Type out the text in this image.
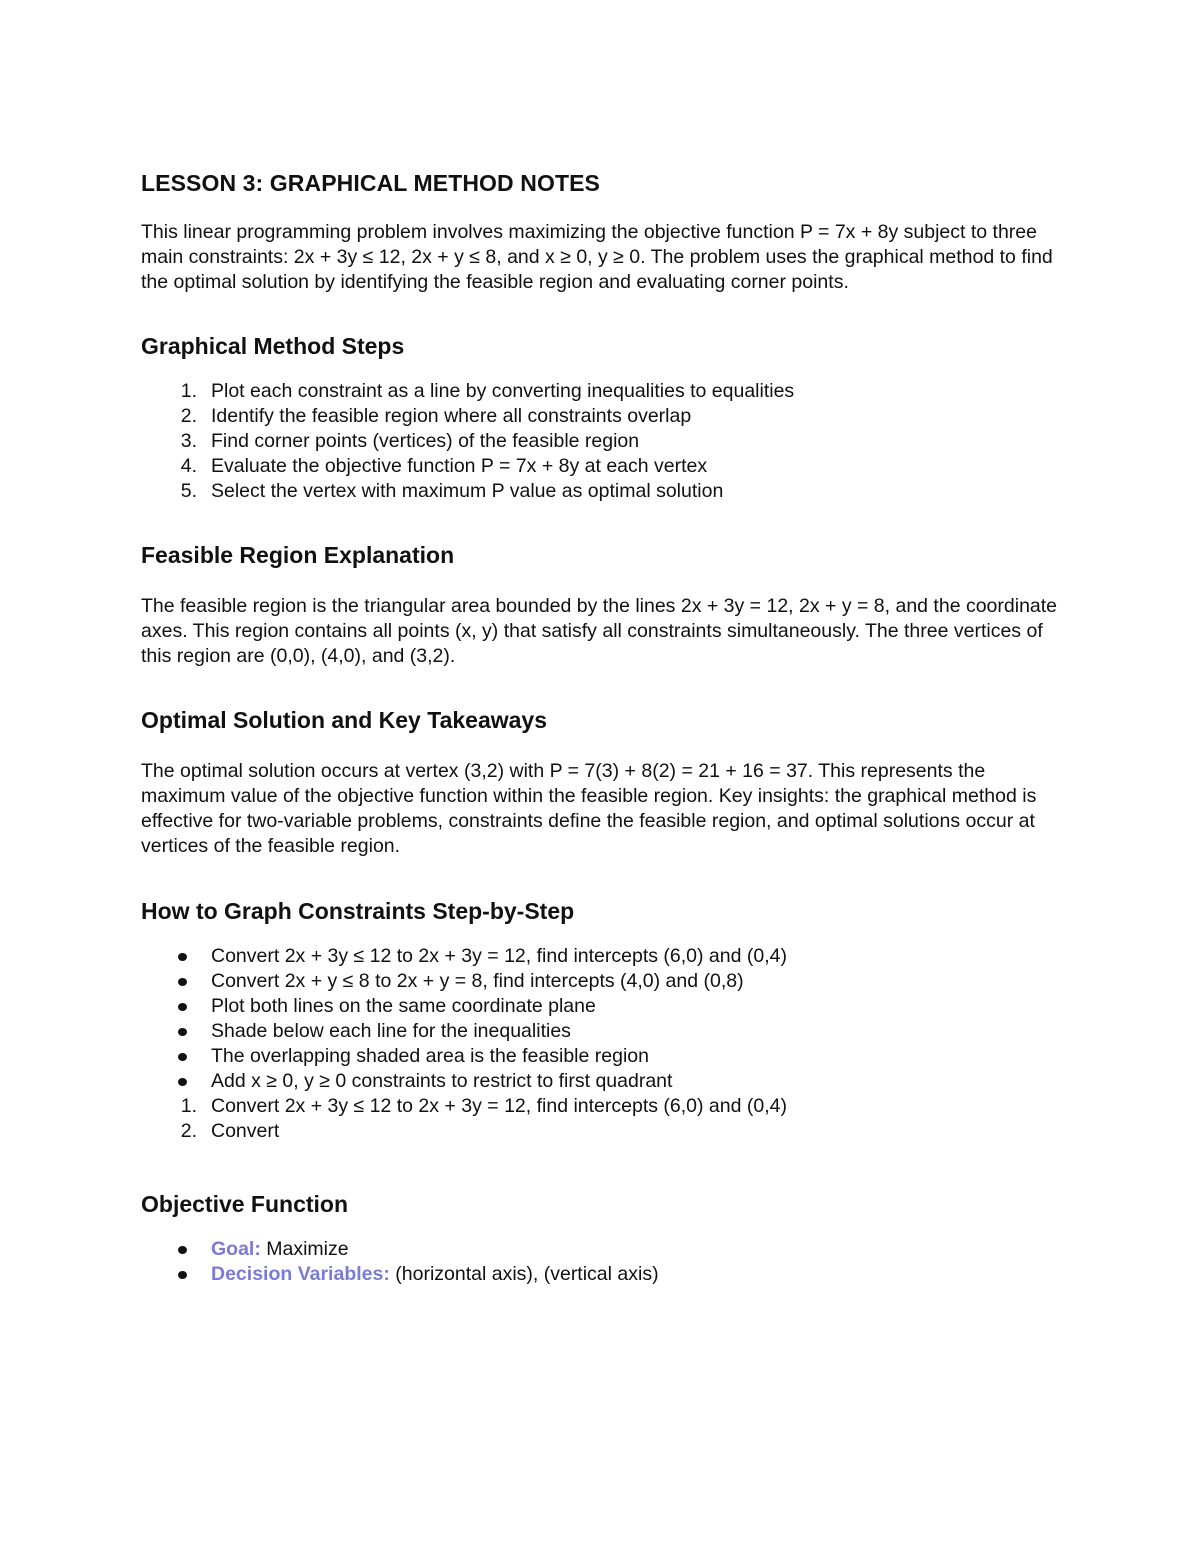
LESSON 3: GRAPHICAL METHOD NOTES

This linear programming problem involves maximizing the objective function P = 7x + 8y subject to three main constraints: 2x + 3y ≤ 12, 2x + y ≤ 8, and x ≥ 0, y ≥ 0. The problem uses the graphical method to find the optimal solution by identifying the feasible region and evaluating corner points.

Graphical Method Steps
1. Plot each constraint as a line by converting inequalities to equalities
2. Identify the feasible region where all constraints overlap
3. Find corner points (vertices) of the feasible region
4. Evaluate the objective function P = 7x + 8y at each vertex
5. Select the vertex with maximum P value as optimal solution
Feasible Region Explanation

The feasible region is the triangular area bounded by the lines 2x + 3y = 12, 2x + y = 8, and the coordinate axes. This region contains all points (x, y) that satisfy all constraints simultaneously. The three vertices of this region are (0,0), (4,0), and (3,2).

Optimal Solution and Key Takeaways

The optimal solution occurs at vertex (3,2) with P = 7(3) + 8(2) = 21 + 16 = 37. This represents the maximum value of the objective function within the feasible region. Key insights: the graphical method is effective for two-variable problems, constraints define the feasible region, and optimal solutions occur at vertices of the feasible region.

How to Graph Constraints Step-by-Step
Convert 2x + 3y ≤ 12 to 2x + 3y = 12, find intercepts (6,0) and (0,4)
Convert 2x + y ≤ 8 to 2x + y = 8, find intercepts (4,0) and (0,8)
Plot both lines on the same coordinate plane
Shade below each line for the inequalities
The overlapping shaded area is the feasible region
Add x ≥ 0, y ≥ 0 constraints to restrict to first quadrant
1. Convert 2x + 3y ≤ 12 to 2x + 3y = 12, find intercepts (6,0) and (0,4)
2. Convert
Objective Function
Goal: Maximize
Decision Variables: (horizontal axis), (vertical axis)
